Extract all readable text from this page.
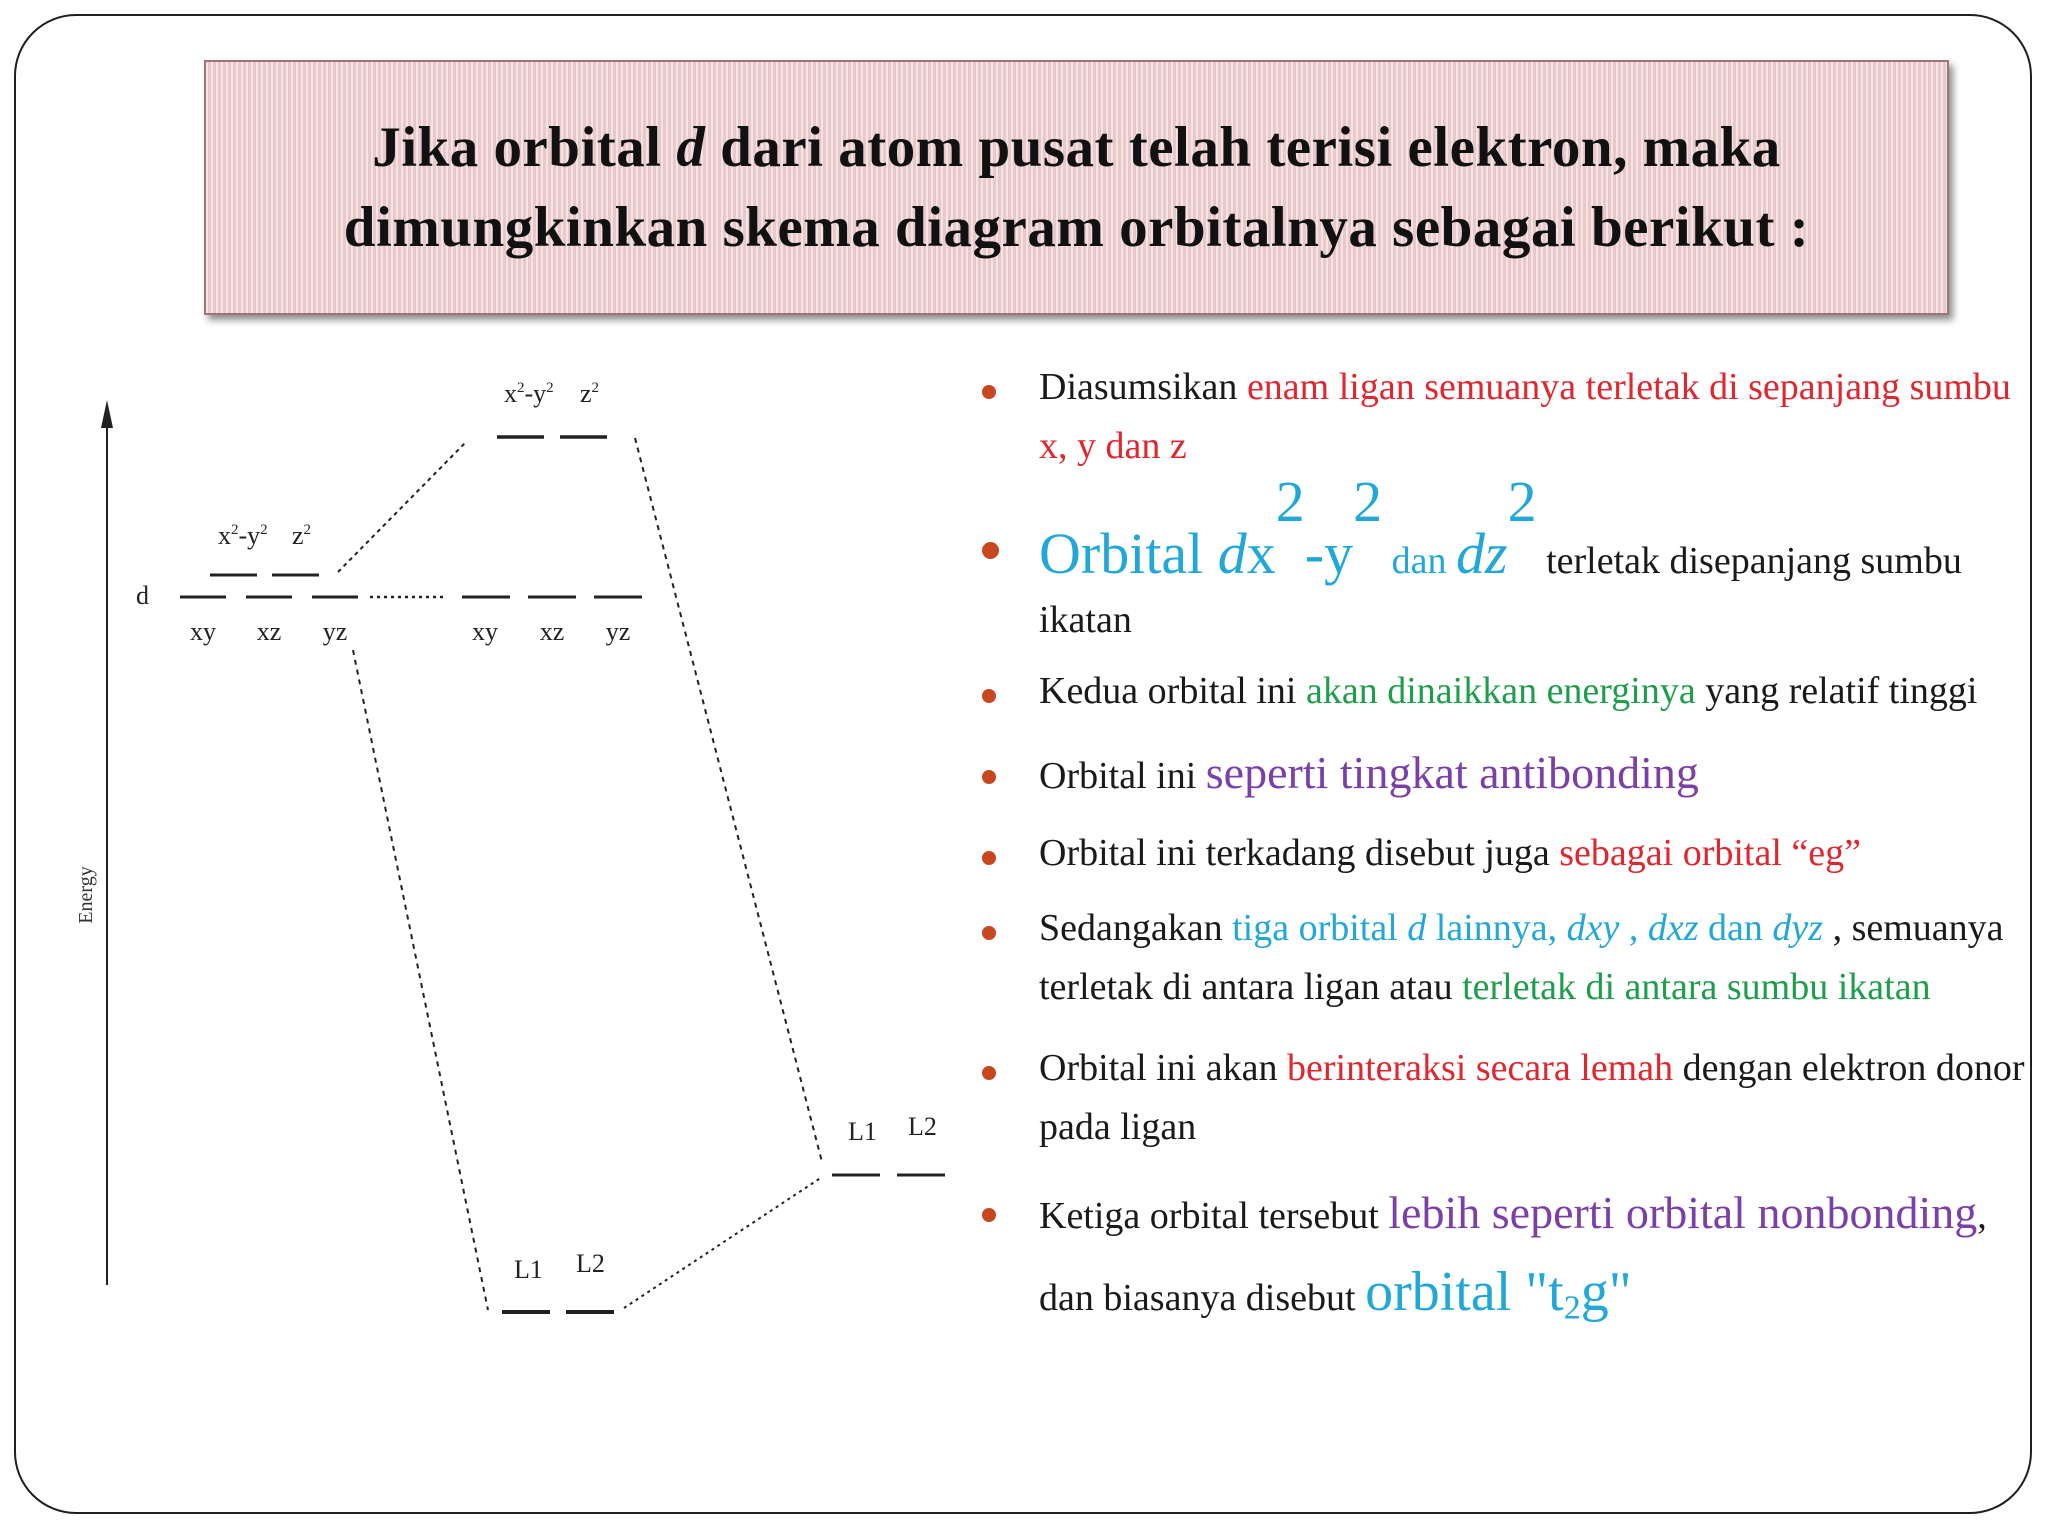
Jika orbital d dari atom pusat telah terisi elektron, maka
dimungkinkan skema diagram orbitalnya sebagai berikut :
Energy
d
xy xz yz
$x^2-y^2$ $z^2$
xy xz yz
$x^2-y^2$ $z^2$
L1 L2
L1 L2
Diasumsikan enam ligan semuanya terletak di sepanjang sumbu x, y dan z
Orbital $dx^2-y^2$ dan $dz^2$ terletak disepanjang sumbu ikatan
Kedua orbital ini akan dinaikkan energinya yang relatif tinggi
Orbital ini seperti tingkat antibonding
Orbital ini terkadang disebut juga sebagai orbital “eg”
Sedangakan tiga orbital d lainnya, dxy , dxz dan dyz , semuanya terletak di antara ligan atau terletak di antara sumbu ikatan
Orbital ini akan berinteraksi secara lemah dengan elektron donor pada ligan
Ketiga orbital tersebut lebih seperti orbital nonbonding, dan biasanya disebut orbital "$t_2g$"
